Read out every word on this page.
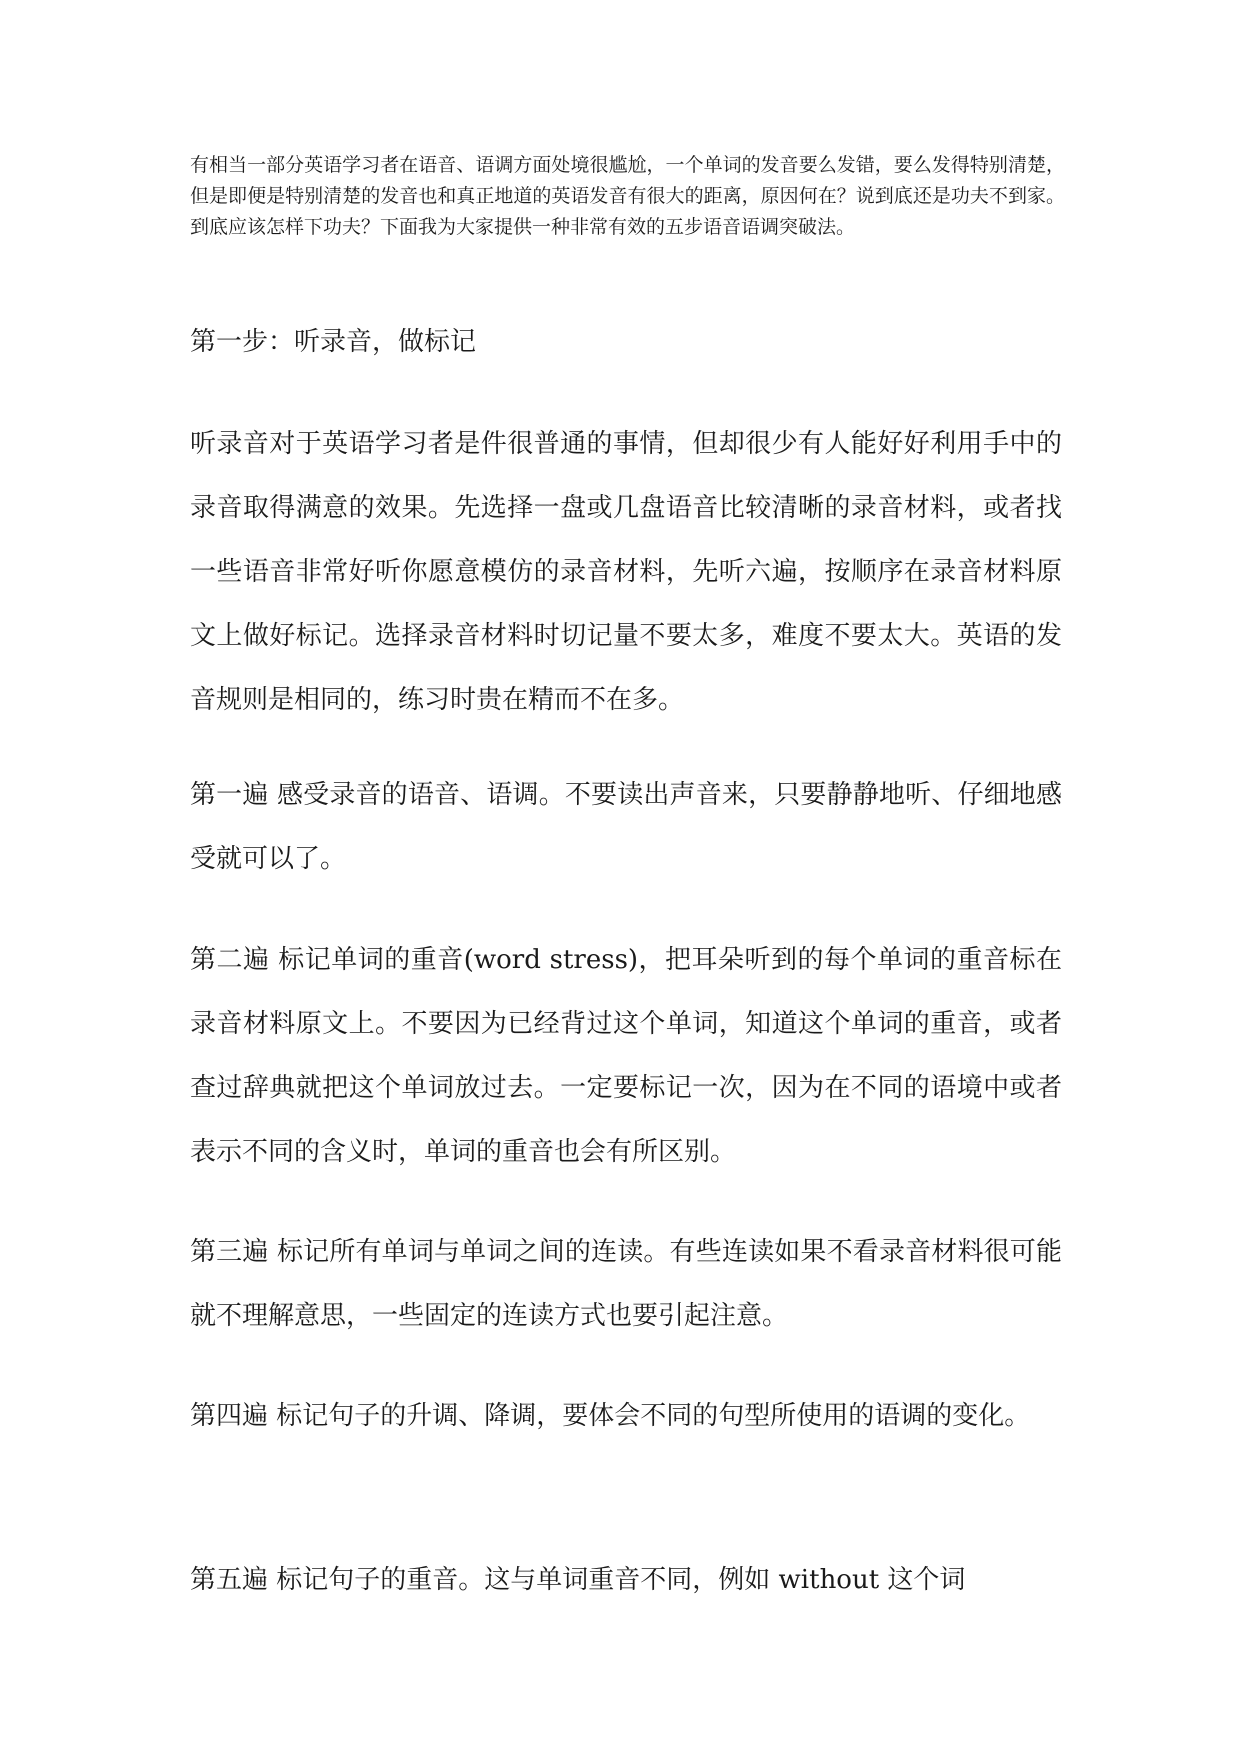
有相当一部分英语学习者在语音、语调方面处境很尴尬，一个单词的发音要么发错，要么发得特别清楚，但是即便是特别清楚的发音也和真正地道的英语发音有很大的距离，原因何在？说到底还是功夫不到家。到底应该怎样下功夫？下面我为大家提供一种非常有效的五步语音语调突破法。

第一步：听录音，做标记

听录音对于英语学习者是件很普通的事情，但却很少有人能好好利用手中的录音取得满意的效果。先选择一盘或几盘语音比较清晰的录音材料，或者找一些语音非常好听你愿意模仿的录音材料，先听六遍，按顺序在录音材料原文上做好标记。选择录音材料时切记量不要太多，难度不要太大。英语的发音规则是相同的，练习时贵在精而不在多。

第一遍 感受录音的语音、语调。不要读出声音来，只要静静地听、仔细地感受就可以了。

第二遍 标记单词的重音(word stress)，把耳朵听到的每个单词的重音标在录音材料原文上。不要因为已经背过这个单词，知道这个单词的重音，或者查过辞典就把这个单词放过去。一定要标记一次，因为在不同的语境中或者表示不同的含义时，单词的重音也会有所区别。

第三遍 标记所有单词与单词之间的连读。有些连读如果不看录音材料很可能就不理解意思，一些固定的连读方式也要引起注意。

第四遍 标记句子的升调、降调，要体会不同的句型所使用的语调的变化。

第五遍 标记句子的重音。这与单词重音不同，例如 without 这个词
